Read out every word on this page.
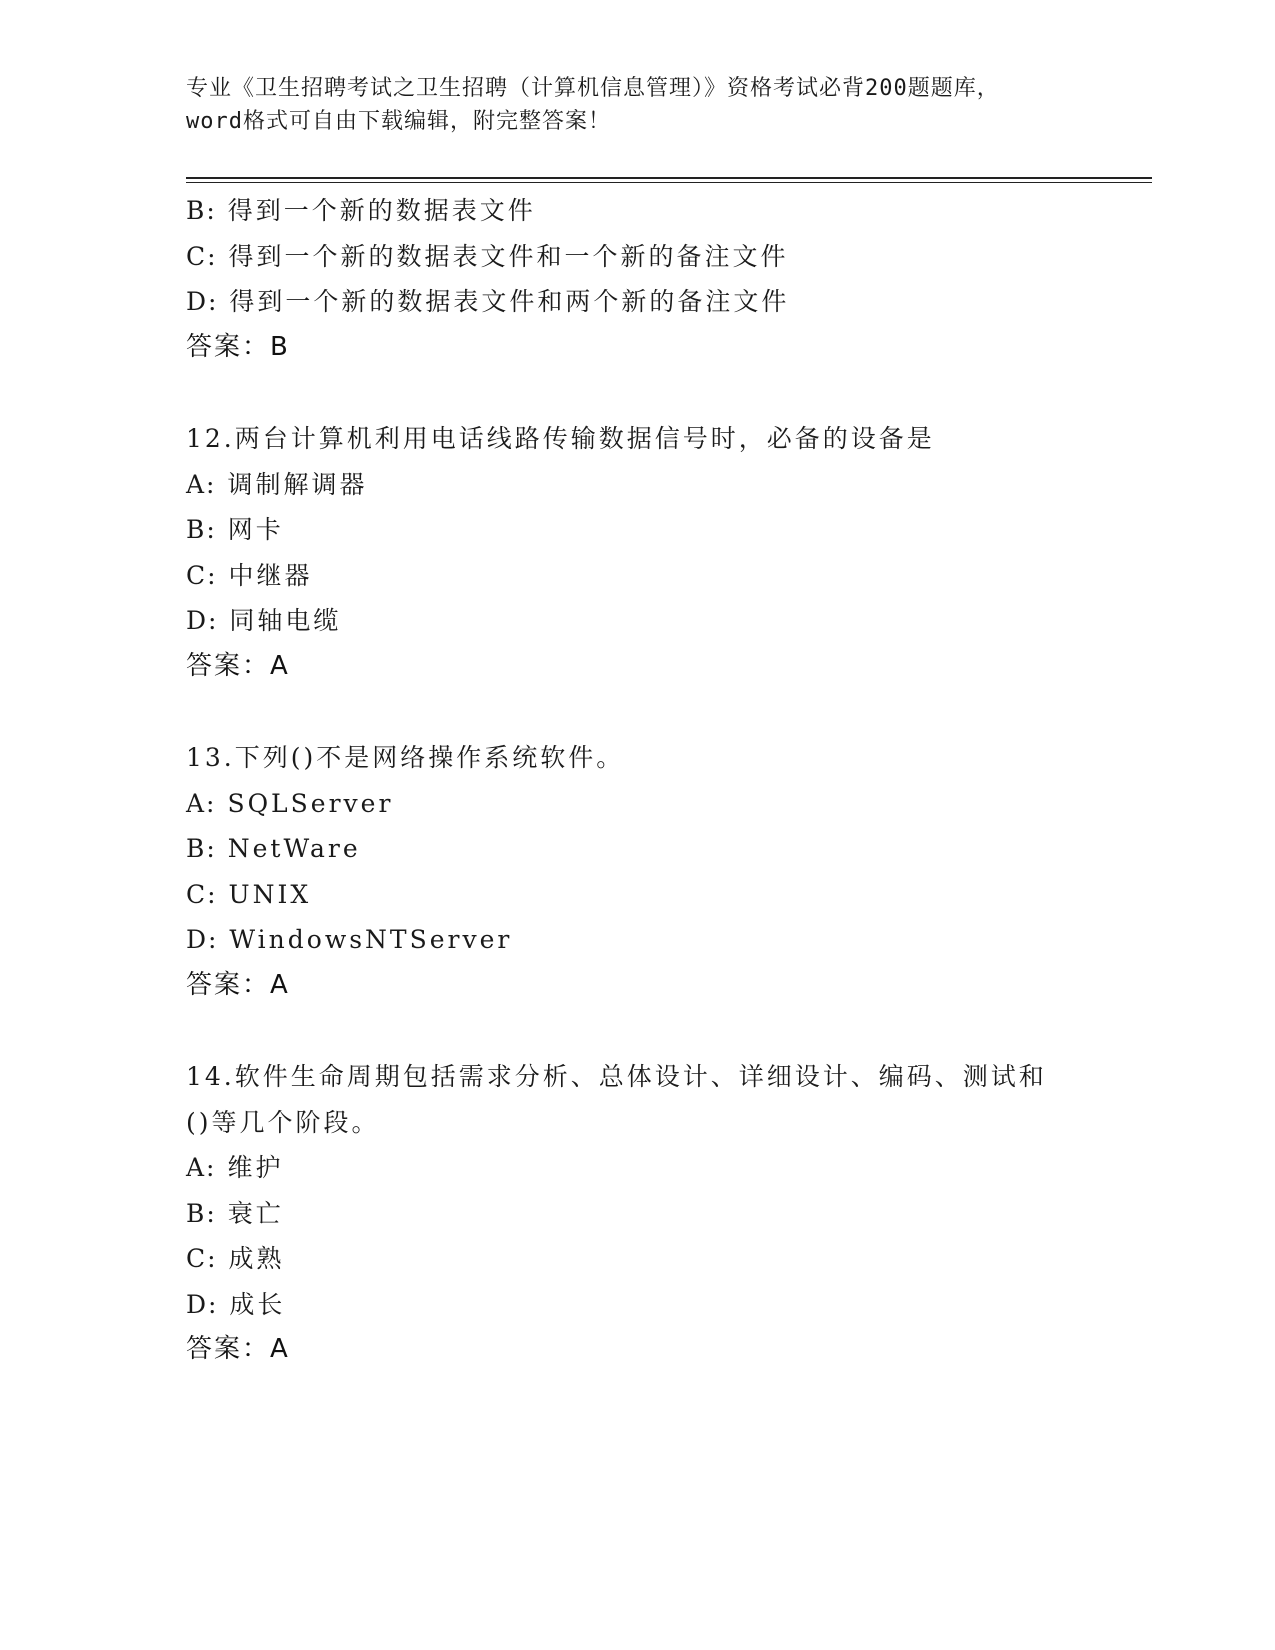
专业《卫生招聘考试之卫生招聘（计算机信息管理）》资格考试必背200题题库，
word格式可自由下载编辑，附完整答案！
B: 得到一个新的数据表文件
C: 得到一个新的数据表文件和一个新的备注文件
D: 得到一个新的数据表文件和两个新的备注文件
答案：B
12.两台计算机利用电话线路传输数据信号时，必备的设备是
A: 调制解调器
B: 网卡
C: 中继器
D: 同轴电缆
答案：A
13.下列()不是网络操作系统软件。
A: SQLServer
B: NetWare
C: UNIX
D: WindowsNTServer
答案：A
14.软件生命周期包括需求分析、总体设计、详细设计、编码、测试和
()等几个阶段。
A: 维护
B: 衰亡
C: 成熟
D: 成长
答案：A
